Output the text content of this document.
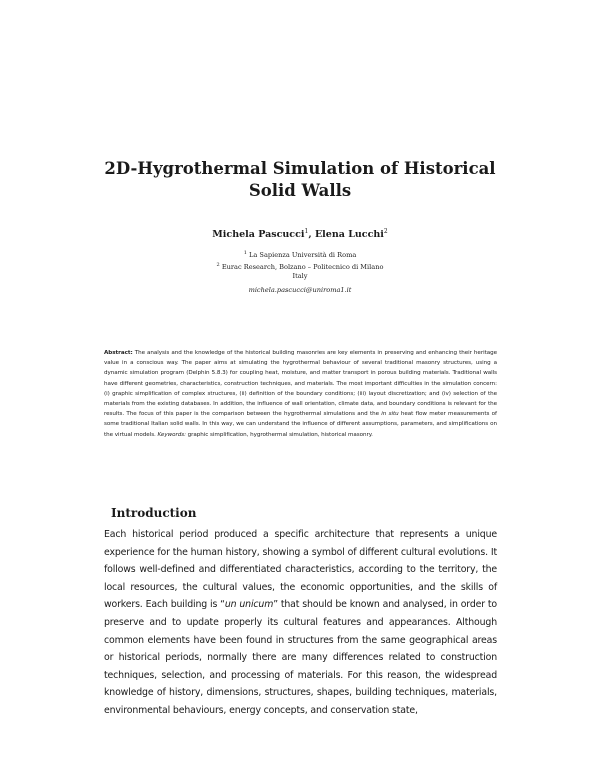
2D-Hygrothermal Simulation of Historical Solid Walls
Michela Pascucci$^1$, Elena Lucchi$^2$
$^1$ La Sapienza Università di Roma
$^2$ Eurac Research, Bolzano – Politecnico di Milano
Italy
michela.pascucci@uniroma1.it
Abstract: The analysis and the knowledge of the historical building masonries are key elements in preserving and enhancing their heritage value in a conscious way. The paper aims at simulating the hygrothermal behaviour of several traditional masonry structures, using a dynamic simulation program (Delphin 5.8.3) for coupling heat, moisture, and matter transport in porous building materials. Traditional walls have different geometries, characteristics, construction techniques, and materials. The most important difficulties in the simulation concern: (i) graphic simplification of complex structures, (ii) definition of the boundary conditions; (iii) layout discretization; and (iv) selection of the materials from the existing databases. In addition, the influence of wall orientation, climate data, and boundary conditions is relevant for the results. The focus of this paper is the comparison between the hygrothermal simulations and the in situ heat flow meter measurements of some traditional Italian solid walls. In this way, we can understand the influence of different assumptions, parameters, and simplifications on the virtual models. Keywords: graphic simplification, hygrothermal simulation, historical masonry.
Introduction
Each historical period produced a specific architecture that represents a unique experience for the human history, showing a symbol of different cultural evolutions. It follows well-defined and differentiated characteristics, according to the territory, the local resources, the cultural values, the economic opportunities, and the skills of workers. Each building is “un unicum” that should be known and analysed, in order to preserve and to update properly its cultural features and appearances. Although common elements have been found in structures from the same geographical areas or historical periods, normally there are many differences related to construction techniques, selection, and processing of materials. For this reason, the widespread knowledge of history, dimensions, structures, shapes, building techniques, materials, environmental behaviours, energy concepts, and conservation state,
